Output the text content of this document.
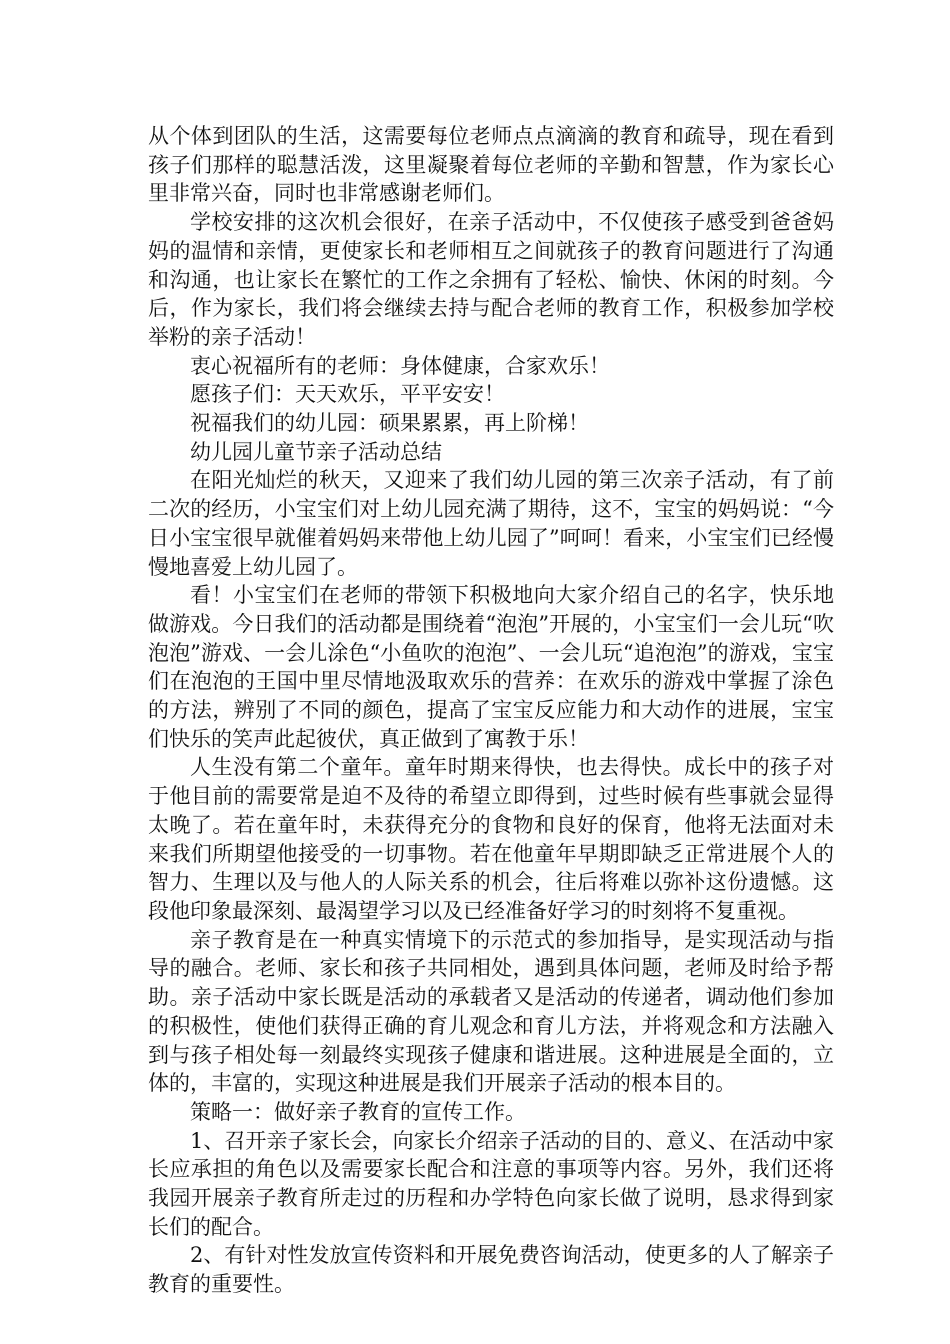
从个体到团队的生活，这需要每位老师点点滴滴的教育和疏导，现在看到孩子们那样的聪慧活泼，这里凝聚着每位老师的辛勤和智慧，作为家长心里非常兴奋，同时也非常感谢老师们。

学校安排的这次机会很好，在亲子活动中，不仅使孩子感受到爸爸妈妈的温情和亲情，更使家长和老师相互之间就孩子的教育问题进行了沟通和沟通，也让家长在繁忙的工作之余拥有了轻松、愉快、休闲的时刻。今后，作为家长，我们将会继续去持与配合老师的教育工作，积极参加学校举粉的亲子活动！

衷心祝福所有的老师：身体健康，合家欢乐！

愿孩子们：天天欢乐，平平安安！

祝福我们的幼儿园：硕果累累，再上阶梯！

幼儿园儿童节亲子活动总结

在阳光灿烂的秋天，又迎来了我们幼儿园的第三次亲子活动，有了前二次的经历，小宝宝们对上幼儿园充满了期待，这不，宝宝的妈妈说：“今日小宝宝很早就催着妈妈来带他上幼儿园了”呵呵！看来，小宝宝们已经慢慢地喜爱上幼儿园了。

看！小宝宝们在老师的带领下积极地向大家介绍自己的名字，快乐地做游戏。今日我们的活动都是围绕着“泡泡”开展的，小宝宝们一会儿玩“吹泡泡”游戏、一会儿涂色“小鱼吹的泡泡”、一会儿玩“追泡泡”的游戏，宝宝们在泡泡的王国中里尽情地汲取欢乐的营养：在欢乐的游戏中掌握了涂色的方法，辨别了不同的颜色，提高了宝宝反应能力和大动作的进展，宝宝们快乐的笑声此起彼伏，真正做到了寓教于乐！

人生没有第二个童年。童年时期来得快，也去得快。成长中的孩子对于他目前的需要常是迫不及待的希望立即得到，过些时候有些事就会显得太晚了。若在童年时，未获得充分的食物和良好的保育，他将无法面对未来我们所期望他接受的一切事物。若在他童年早期即缺乏正常进展个人的智力、生理以及与他人的人际关系的机会，往后将难以弥补这份遗憾。这段他印象最深刻、最渴望学习以及已经准备好学习的时刻将不复重视。

亲子教育是在一种真实情境下的示范式的参加指导，是实现活动与指导的融合。老师、家长和孩子共同相处，遇到具体问题，老师及时给予帮助。亲子活动中家长既是活动的承载者又是活动的传递者，调动他们参加的积极性，使他们获得正确的育儿观念和育儿方法，并将观念和方法融入到与孩子相处每一刻最终实现孩子健康和谐进展。这种进展是全面的，立体的，丰富的，实现这种进展是我们开展亲子活动的根本目的。

策略一：做好亲子教育的宣传工作。

1、召开亲子家长会，向家长介绍亲子活动的目的、意义、在活动中家长应承担的角色以及需要家长配合和注意的事项等内容。另外，我们还将我园开展亲子教育所走过的历程和办学特色向家长做了说明，恳求得到家长们的配合。

2、有针对性发放宣传资料和开展免费咨询活动，使更多的人了解亲子教育的重要性。
